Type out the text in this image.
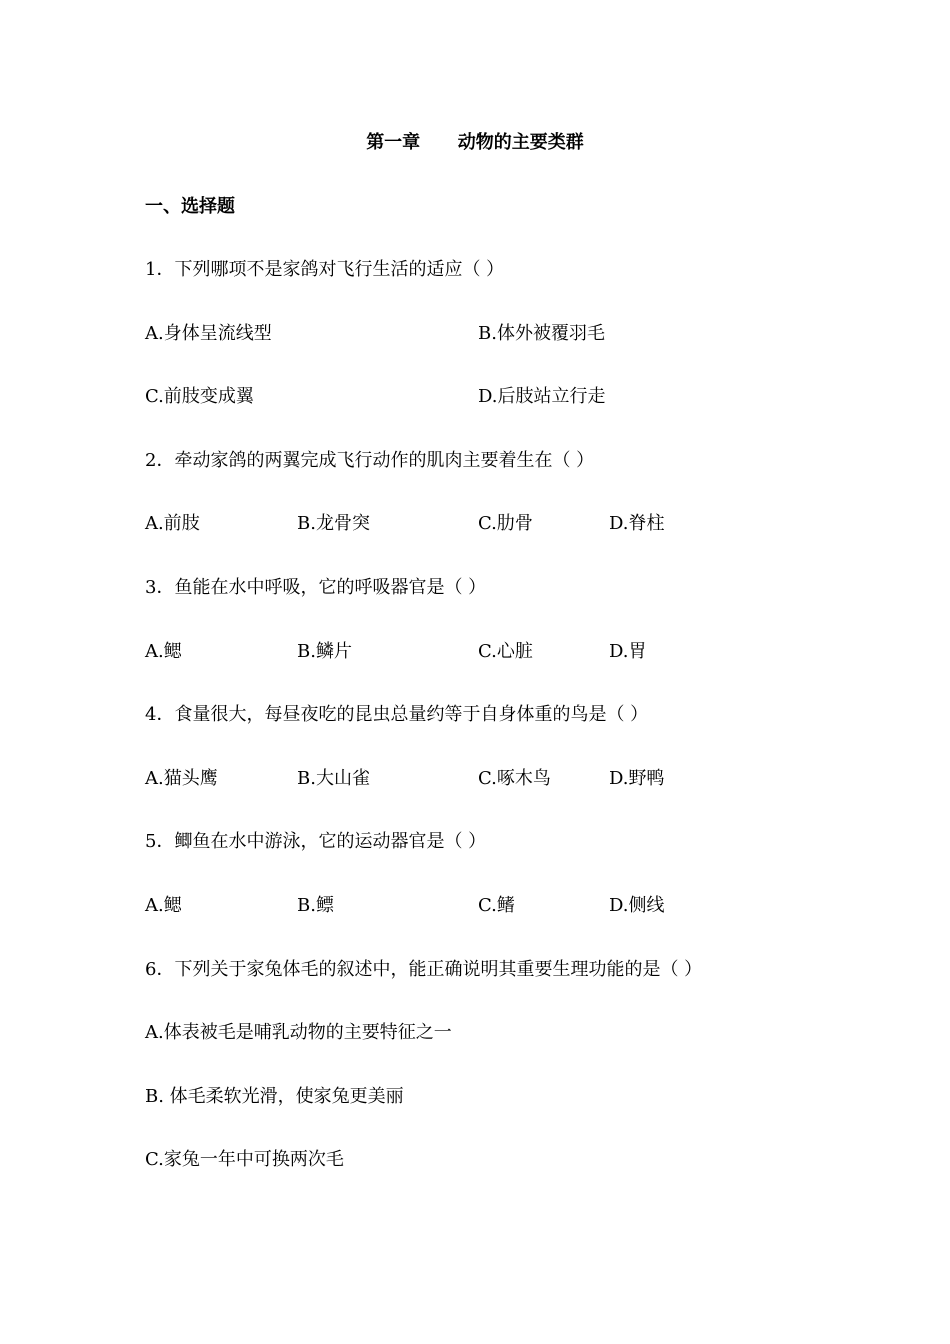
第一章      动物的主要类群
一、选择题
1．下列哪项不是家鸽对飞行生活的适应（ ）
A.身体呈流线型	B.体外被覆羽毛
C.前肢变成翼	D.后肢站立行走
2．牵动家鸽的两翼完成飞行动作的肌肉主要着生在（ ）
A.前肢	B.龙骨突	C.肋骨	D.脊柱
3．鱼能在水中呼吸，它的呼吸器官是（ ）
A.鳃	B.鳞片	C.心脏	D.胃
4．食量很大，每昼夜吃的昆虫总量约等于自身体重的鸟是（ ）
A.猫头鹰	B.大山雀	C.啄木鸟	D.野鸭
5．鲫鱼在水中游泳，它的运动器官是（ ）
A.鳃	B.鳔	C.鳍	D.侧线
6．下列关于家兔体毛的叙述中，能正确说明其重要生理功能的是（ ）
A.体表被毛是哺乳动物的主要特征之一
B. 体毛柔软光滑，使家兔更美丽
C.家兔一年中可换两次毛
